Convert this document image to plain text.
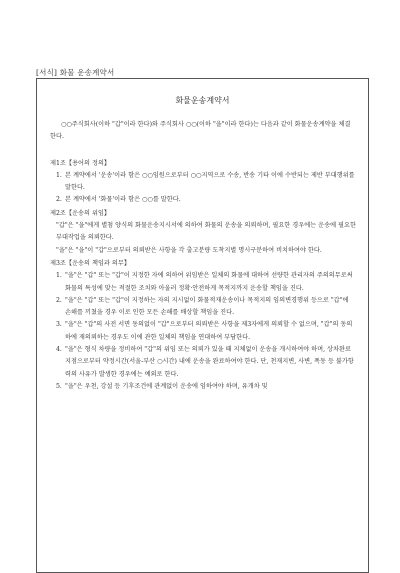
[서식] 화물 운송계약서
화물운송계약서

○○주식회사(이하 "갑"이라 한다)와 주식회사 ○○(이하 "을"이라 한다)는 다음과 같이 화물운송계약을 체결한다.

제1조【용어의 정의】

1. 본 계약에서 '운송'이라 함은 ○○임원으로부터 ○○지역으로 수송, 반송 기타 이에 수반되는 제반 부대행위를 말한다.

2. 본 계약에서 '화물'이라 함은 ○○를 말한다.

제2조【운송의 위임】

"갑"은 "을"에게 별첨 양식의 화물운송지시서에 의하여 화물의 운송을 의뢰하며, 필요한 경우에는 운송에 필요한 부대작업을 의뢰한다.

"을"은 "을"이 "갑"으로부터 의뢰받은 사항을 각 출고분량 도착지별 명시구분하여 비치하여야 한다.

제3조【운송의 책임과 의무】

1. "을"은 "갑" 또는 "갑"이 지정한 자에 의하여 위임받은 일체의 화물에 대하여 선량한 관리자의 주의의무로써 화물의 특성에 맞는 적절한 조치와 아울러 정확·안전하게 목적지까지 운송할 책임을 진다.

2. "을"은 "갑" 또는 "갑"이 지정하는 자의 지시없이 화물적재운송이나 목적지의 임의변경행위 등으로 "갑"에 손해를 끼쳤을 경우 이로 인한 모든 손해를 배상할 책임을 진다.

3. "을"은 "갑"의 사전 서면 동의없이 "갑"으로부터 의뢰받은 사항을 제3자에게 의뢰할 수 없으며, "갑"의 동의하에 재의뢰하는 경우도 이에 관한 일체의 책임을 연대하여 부담한다.

4. "을"은 형식 차량을 정비하여 "갑"의 위임 또는 의뢰가 있을 때 지체없이 운송을 개시하여야 하며, 상차완료 지점으로부터 약정시간(서울-부산 ○시간) 내에 운송을 완료하여야 한다. 단, 천재지변, 사변, 폭동 등 불가항력의 사유가 발생한 경우에는 예외로 한다.

5. "을"은 우천, 강설 등 기후조건에 관계없이 운송에 임하여야 하며, 유개차 및
